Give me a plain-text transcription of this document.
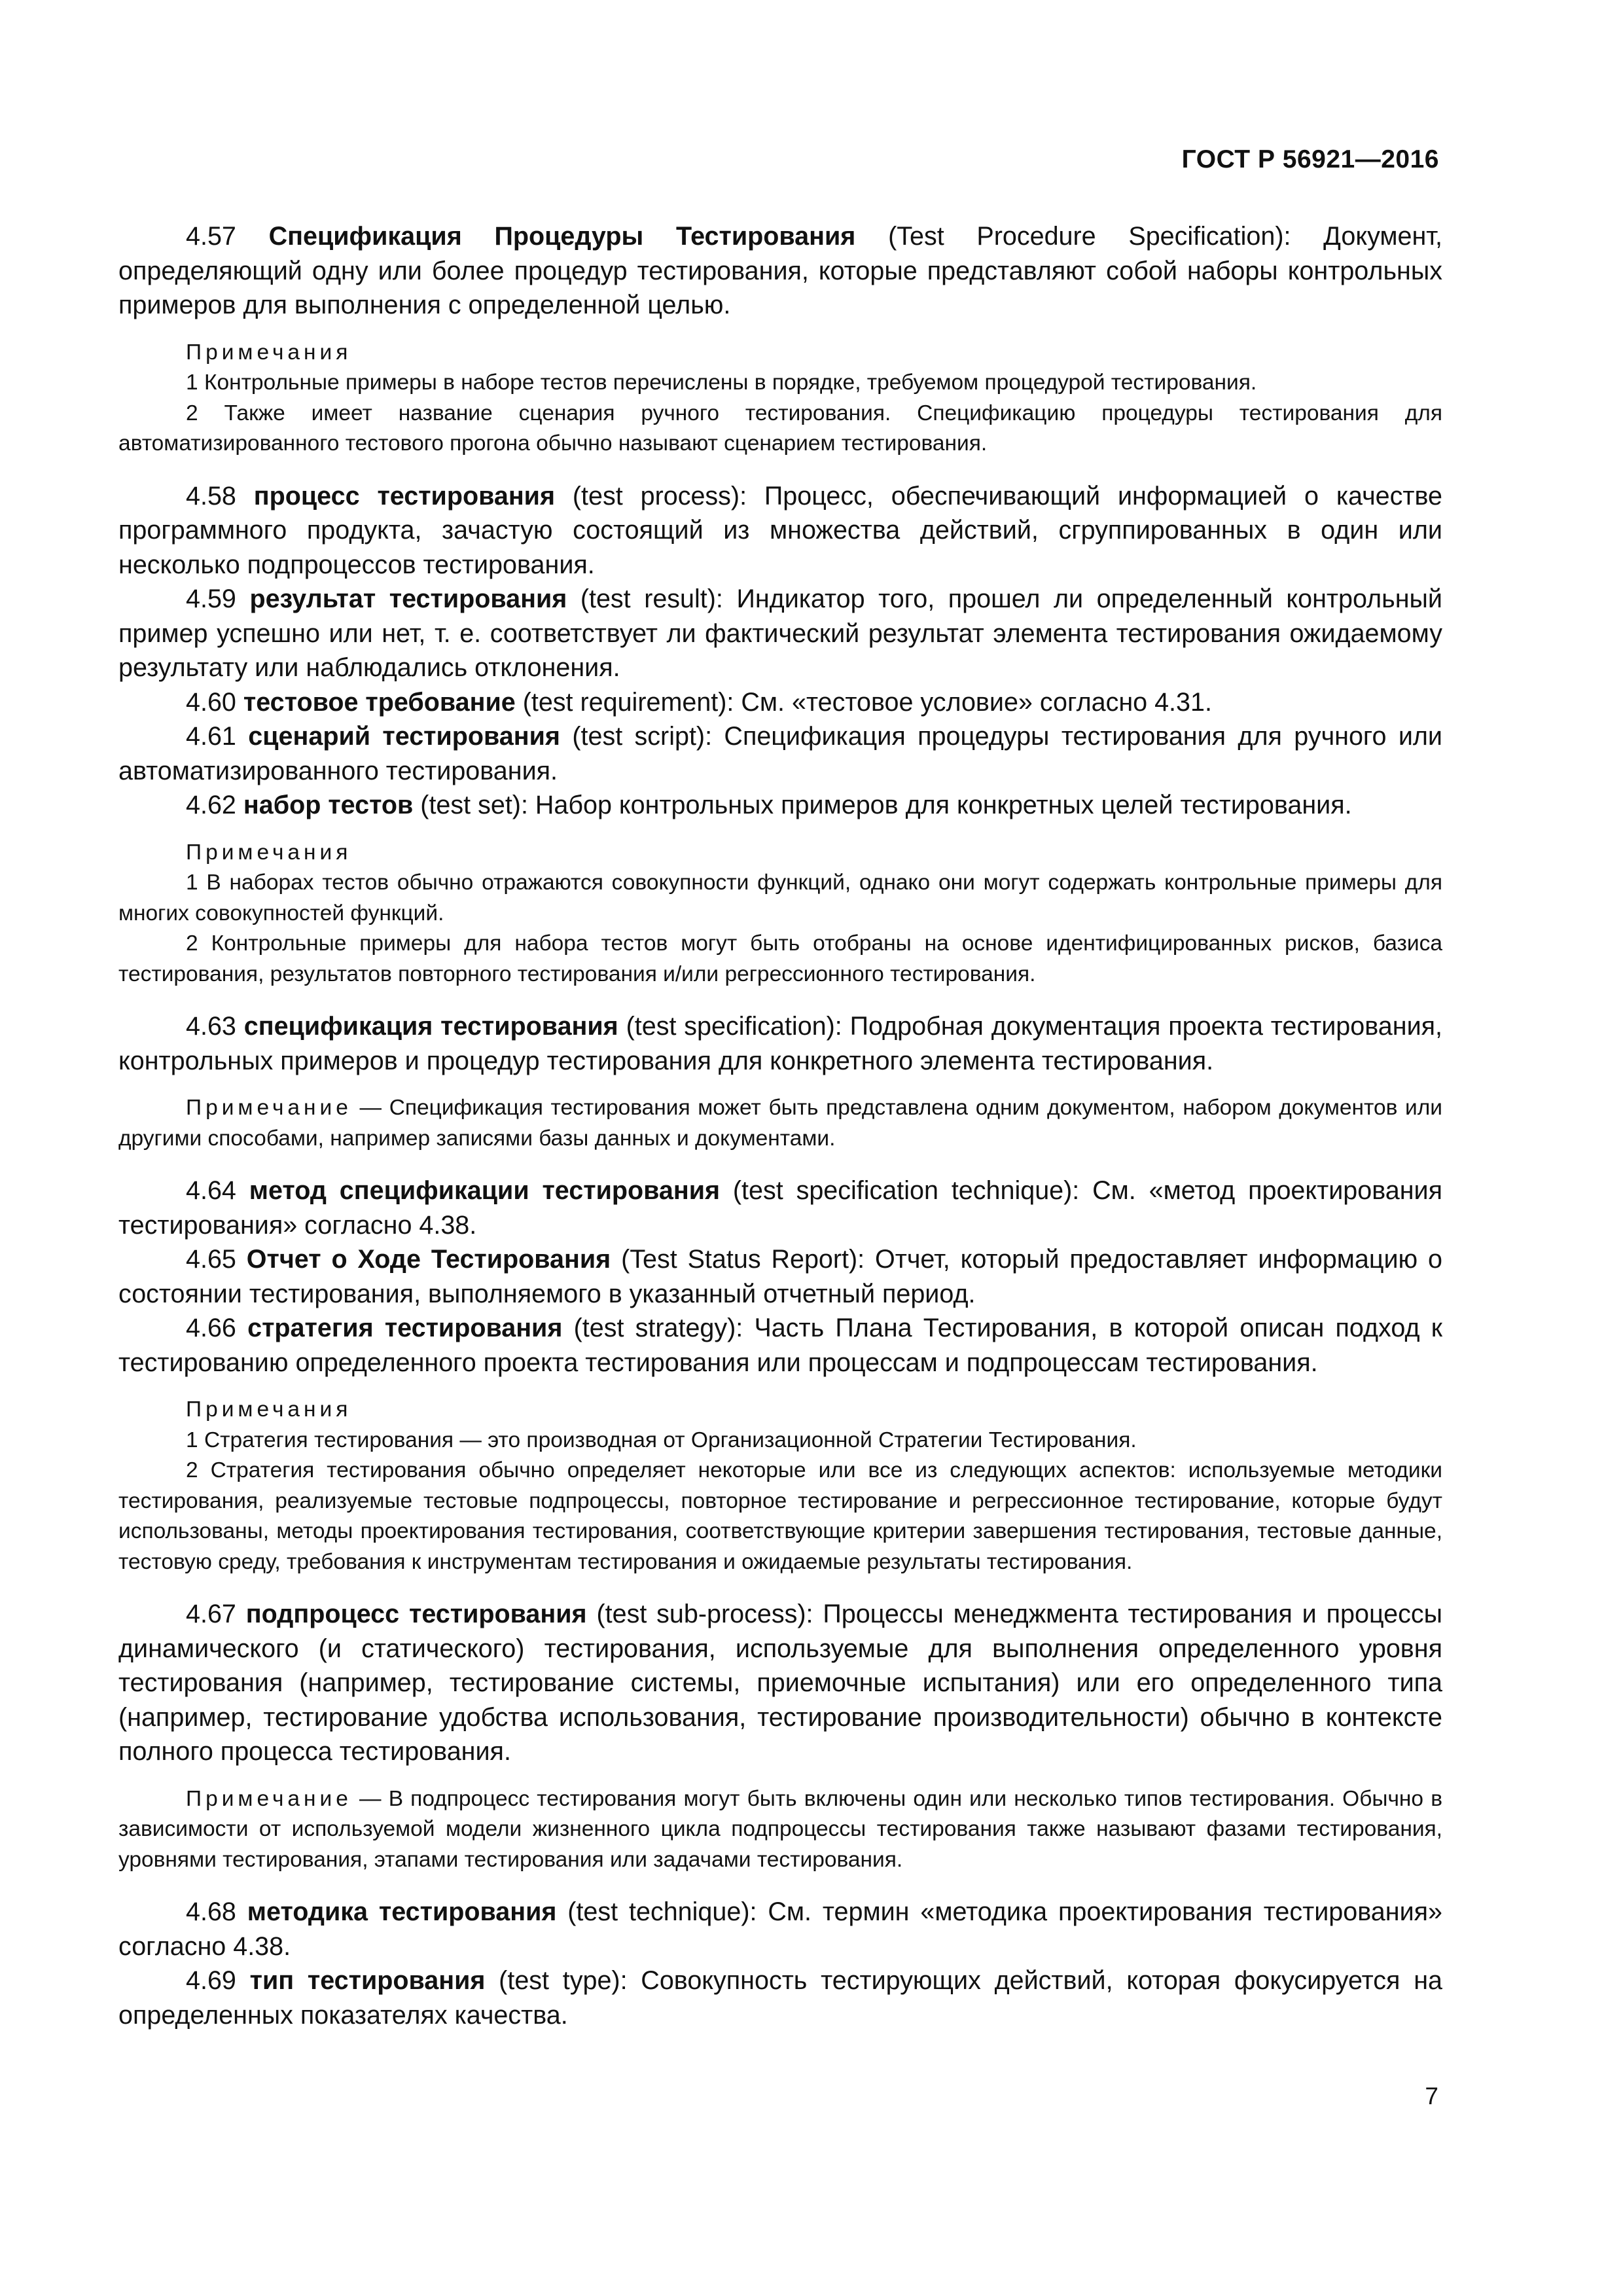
ГОСТ Р 56921—2016

4.57 Спецификация Процедуры Тестирования (Test Procedure Specification): Документ, определяющий одну или более процедур тестирования, которые представляют собой наборы контрольных примеров для выполнения с определенной целью.

Примечания

1 Контрольные примеры в наборе тестов перечислены в порядке, требуемом процедурой тестирования.

2 Также имеет название сценария ручного тестирования. Спецификацию процедуры тестирования для автоматизированного тестового прогона обычно называют сценарием тестирования.

4.58 процесс тестирования (test process): Процесс, обеспечивающий информацией о качестве программного продукта, зачастую состоящий из множества действий, сгруппированных в один или несколько подпроцессов тестирования.

4.59 результат тестирования (test result): Индикатор того, прошел ли определенный контрольный пример успешно или нет, т. е. соответствует ли фактический результат элемента тестирования ожидаемому результату или наблюдались отклонения.

4.60 тестовое требование (test requirement): См. «тестовое условие» согласно 4.31.

4.61 сценарий тестирования (test script): Спецификация процедуры тестирования для ручного или автоматизированного тестирования.

4.62 набор тестов (test set): Набор контрольных примеров для конкретных целей тестирования.

Примечания

1 В наборах тестов обычно отражаются совокупности функций, однако они могут содержать контрольные примеры для многих совокупностей функций.

2 Контрольные примеры для набора тестов могут быть отобраны на основе идентифицированных рисков, базиса тестирования, результатов повторного тестирования и/или регрессионного тестирования.

4.63 спецификация тестирования (test specification): Подробная документация проекта тестирования, контрольных примеров и процедур тестирования для конкретного элемента тестирования.

Примечание — Спецификация тестирования может быть представлена одним документом, набором документов или другими способами, например записями базы данных и документами.

4.64 метод спецификации тестирования (test specification technique): См. «метод проектирования тестирования» согласно 4.38.

4.65 Отчет о Ходе Тестирования (Test Status Report): Отчет, который предоставляет информацию о состоянии тестирования, выполняемого в указанный отчетный период.

4.66 стратегия тестирования (test strategy): Часть Плана Тестирования, в которой описан подход к тестированию определенного проекта тестирования или процессам и подпроцессам тестирования.

Примечания

1 Стратегия тестирования — это производная от Организационной Стратегии Тестирования.

2 Стратегия тестирования обычно определяет некоторые или все из следующих аспектов: используемые методики тестирования, реализуемые тестовые подпроцессы, повторное тестирование и регрессионное тестирование, которые будут использованы, методы проектирования тестирования, соответствующие критерии завершения тестирования, тестовые данные, тестовую среду, требования к инструментам тестирования и ожидаемые результаты тестирования.

4.67 подпроцесс тестирования (test sub-process): Процессы менеджмента тестирования и процессы динамического (и статического) тестирования, используемые для выполнения определенного уровня тестирования (например, тестирование системы, приемочные испытания) или его определенного типа (например, тестирование удобства использования, тестирование производительности) обычно в контексте полного процесса тестирования.

Примечание — В подпроцесс тестирования могут быть включены один или несколько типов тестирования. Обычно в зависимости от используемой модели жизненного цикла подпроцессы тестирования также называют фазами тестирования, уровнями тестирования, этапами тестирования или задачами тестирования.

4.68 методика тестирования (test technique): См. термин «методика проектирования тестирования» согласно 4.38.

4.69 тип тестирования (test type): Совокупность тестирующих действий, которая фокусируется на определенных показателях качества.

7
